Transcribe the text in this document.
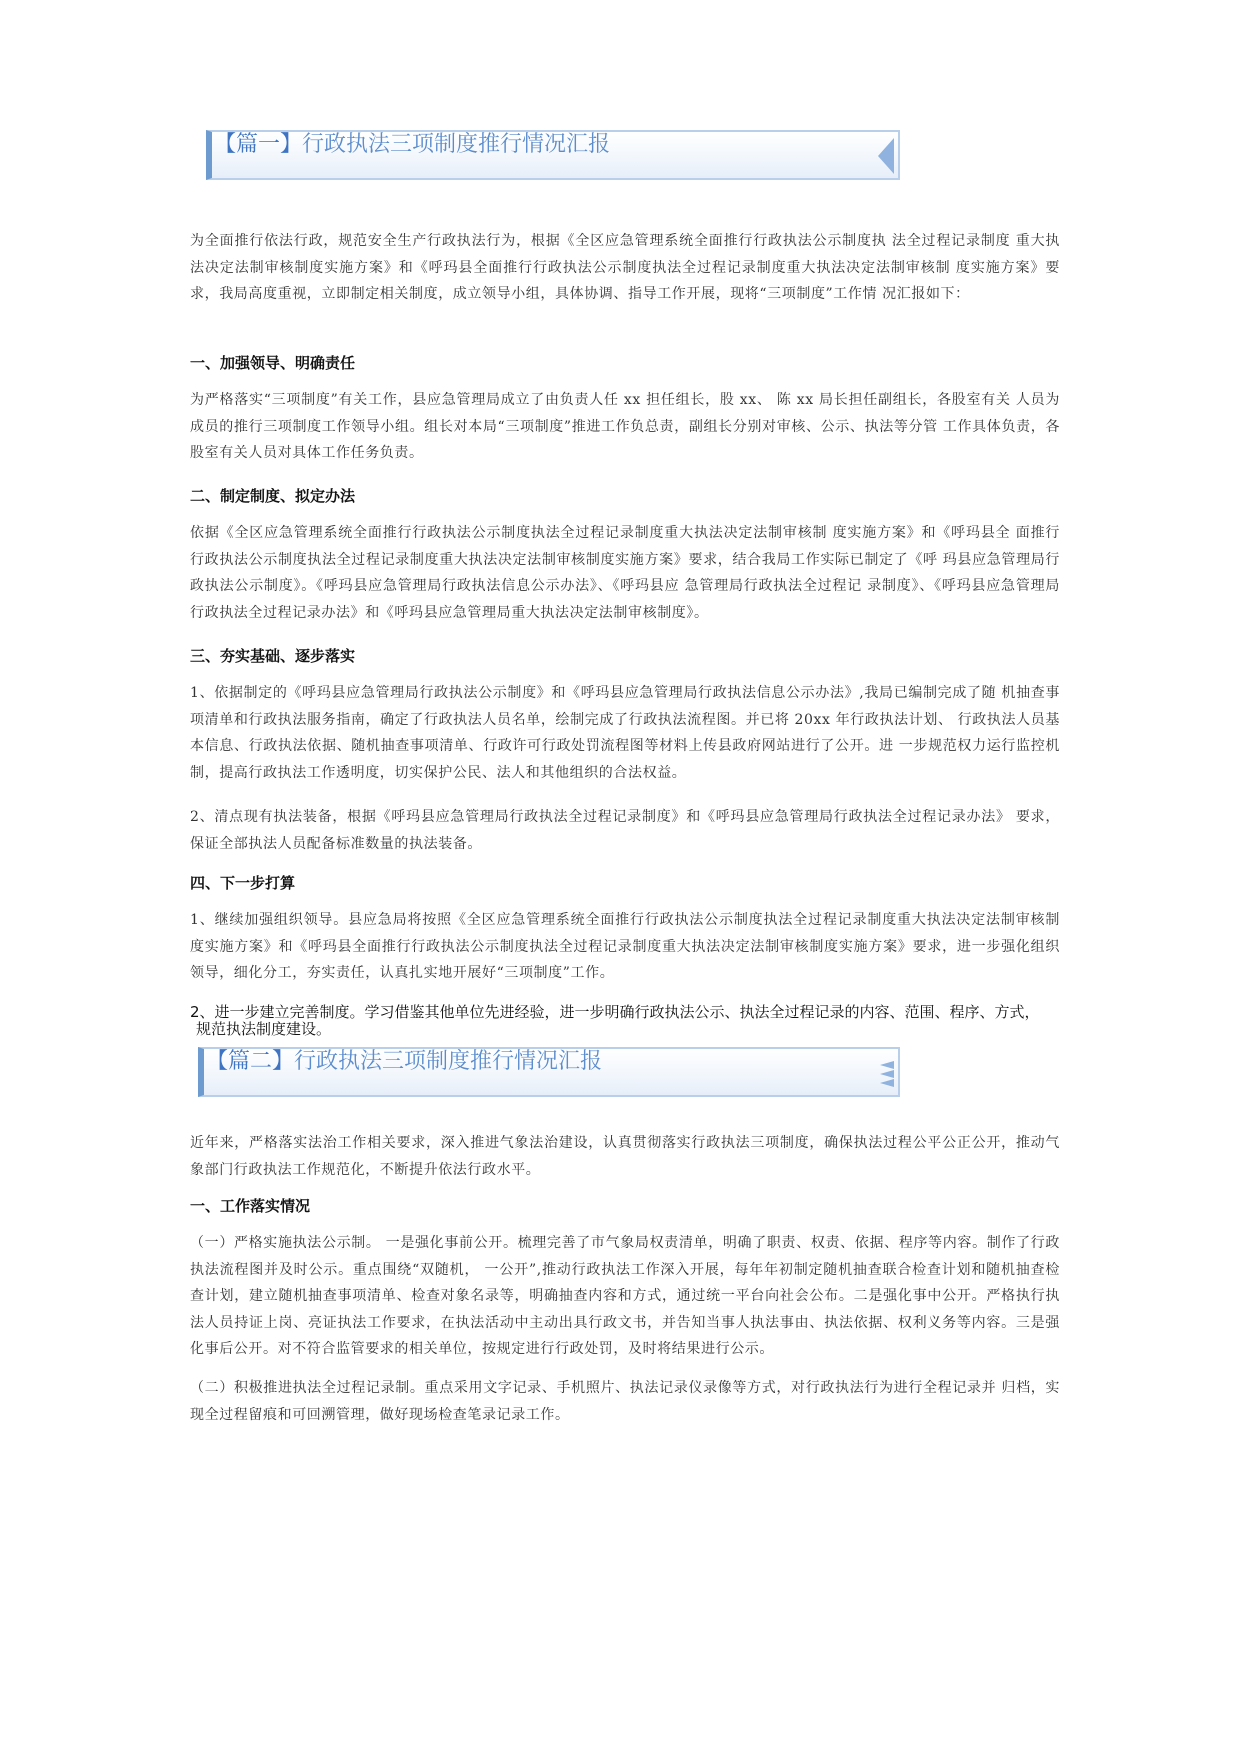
【篇一】行政执法三项制度推行情况汇报
为全面推行依法行政，规范安全生产行政执法行为，根据《全区应急管理系统全面推行行政执法公示制度执 法全过程记录制度 重大执法决定法制审核制度实施方案》和《呼玛县全面推行行政执法公示制度执法全过程记录制度重大执法决定法制审核制 度实施方案》要求，我局高度重视，立即制定相关制度，成立领导小组，具体协调、指导工作开展，现将“三项制度”工作情 况汇报如下：
一、加强领导、明确责任
为严格落实“三项制度”有关工作，县应急管理局成立了由负责人任 xx 担任组长，股 xx、 陈 xx 局长担任副组长，各股室有关 人员为成员的推行三项制度工作领导小组。组长对本局“三项制度”推进工作负总责，副组长分别对审核、公示、执法等分管 工作具体负责，各股室有关人员对具体工作任务负责。
二、制定制度、拟定办法
依据《全区应急管理系统全面推行行政执法公示制度执法全过程记录制度重大执法决定法制审核制 度实施方案》和《呼玛县全 面推行行政执法公示制度执法全过程记录制度重大执法决定法制审核制度实施方案》要求，结合我局工作实际已制定了《呼 玛县应急管理局行政执法公示制度》。《呼玛县应急管理局行政执法信息公示办法》、《呼玛县应 急管理局行政执法全过程记 录制度》、《呼玛县应急管理局行政执法全过程记录办法》和《呼玛县应急管理局重大执法决定法制审核制度》。
三、夯实基础、逐步落实
1、依据制定的《呼玛县应急管理局行政执法公示制度》和《呼玛县应急管理局行政执法信息公示办法》,我局已编制完成了随 机抽查事项清单和行政执法服务指南，确定了行政执法人员名单，绘制完成了行政执法流程图。并已将 20xx 年行政执法计划、 行政执法人员基本信息、行政执法依据、随机抽查事项清单、行政许可行政处罚流程图等材料上传县政府网站进行了公开。进 一步规范权力运行监控机制，提高行政执法工作透明度，切实保护公民、法人和其他组织的合法权益。
2、清点现有执法装备，根据《呼玛县应急管理局行政执法全过程记录制度》和《呼玛县应急管理局行政执法全过程记录办法》 要求，保证全部执法人员配备标准数量的执法装备。
四、下一步打算
1、继续加强组织领导。县应急局将按照《全区应急管理系统全面推行行政执法公示制度执法全过程记录制度重大执法决定法制审核制度实施方案》和《呼玛县全面推行行政执法公示制度执法全过程记录制度重大执法决定法制审核制度实施方案》要求，进一步强化组织领导，细化分工，夯实责任，认真扎实地开展好“三项制度”工作。
2、进一步建立完善制度。学习借鉴其他单位先进经验，进一步明确行政执法公示、执法全过程记录的内容、范围、程序、方式，
规范执法制度建设。
【篇二】行政执法三项制度推行情况汇报
近年来，严格落实法治工作相关要求，深入推进气象法治建设，认真贯彻落实行政执法三项制度，确保执法过程公平公正公开，推动气象部门行政执法工作规范化，不断提升依法行政水平。
一、工作落实情况
（一）严格实施执法公示制。 一是强化事前公开。梳理完善了市气象局权责清单，明确了职责、权责、依据、程序等内容。制作了行政执法流程图并及时公示。重点围绕“双随机， 一公开”,推动行政执法工作深入开展，每年年初制定随机抽查联合检查计划和随机抽查检查计划，建立随机抽查事项清单、检查对象名录等，明确抽查内容和方式，通过统一平台向社会公布。二是强化事中公开。严格执行执法人员持证上岗、亮证执法工作要求，在执法活动中主动出具行政文书，并告知当事人执法事由、执法依据、权利义务等内容。三是强化事后公开。对不符合监管要求的相关单位，按规定进行行政处罚，及时将结果进行公示。
（二）积极推进执法全过程记录制。重点采用文字记录、手机照片、执法记录仪录像等方式，对行政执法行为进行全程记录并 归档，实现全过程留痕和可回溯管理，做好现场检查笔录记录工作。
